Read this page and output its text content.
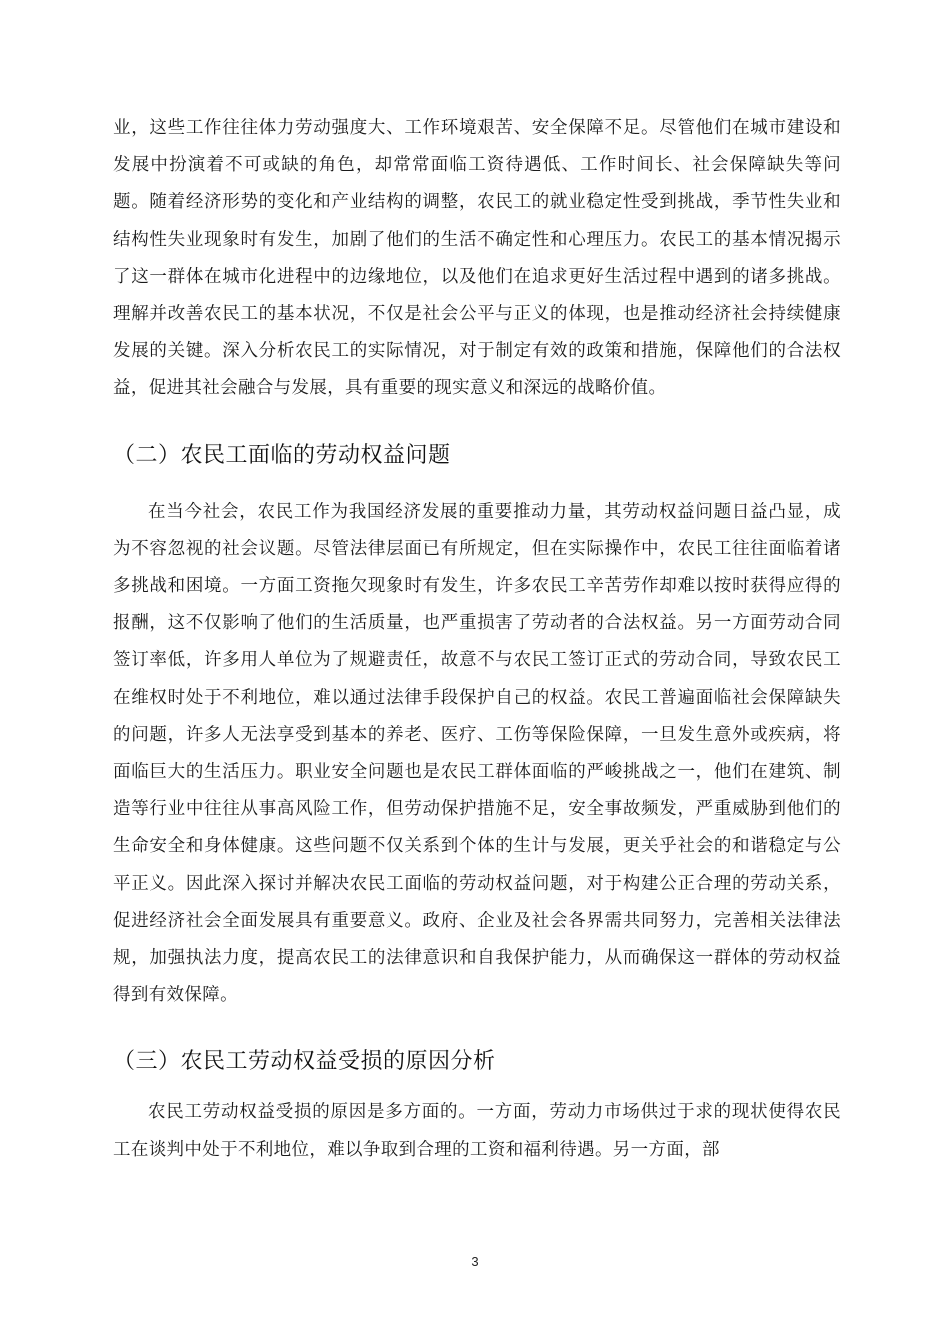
业，这些工作往往体力劳动强度大、工作环境艰苦、安全保障不足。尽管他们在城市建设和发展中扮演着不可或缺的角色，却常常面临工资待遇低、工作时间长、社会保障缺失等问题。随着经济形势的变化和产业结构的调整，农民工的就业稳定性受到挑战，季节性失业和结构性失业现象时有发生，加剧了他们的生活不确定性和心理压力。农民工的基本情况揭示了这一群体在城市化进程中的边缘地位，以及他们在追求更好生活过程中遇到的诸多挑战。理解并改善农民工的基本状况，不仅是社会公平与正义的体现，也是推动经济社会持续健康发展的关键。深入分析农民工的实际情况，对于制定有效的政策和措施，保障他们的合法权益，促进其社会融合与发展，具有重要的现实意义和深远的战略价值。

（二）农民工面临的劳动权益问题

在当今社会，农民工作为我国经济发展的重要推动力量，其劳动权益问题日益凸显，成为不容忽视的社会议题。尽管法律层面已有所规定，但在实际操作中，农民工往往面临着诸多挑战和困境。一方面工资拖欠现象时有发生，许多农民工辛苦劳作却难以按时获得应得的报酬，这不仅影响了他们的生活质量，也严重损害了劳动者的合法权益。另一方面劳动合同签订率低，许多用人单位为了规避责任，故意不与农民工签订正式的劳动合同，导致农民工在维权时处于不利地位，难以通过法律手段保护自己的权益。农民工普遍面临社会保障缺失的问题，许多人无法享受到基本的养老、医疗、工伤等保险保障，一旦发生意外或疾病，将面临巨大的生活压力。职业安全问题也是农民工群体面临的严峻挑战之一，他们在建筑、制造等行业中往往从事高风险工作，但劳动保护措施不足，安全事故频发，严重威胁到他们的生命安全和身体健康。这些问题不仅关系到个体的生计与发展，更关乎社会的和谐稳定与公平正义。因此深入探讨并解决农民工面临的劳动权益问题，对于构建公正合理的劳动关系，促进经济社会全面发展具有重要意义。政府、企业及社会各界需共同努力，完善相关法律法规，加强执法力度，提高农民工的法律意识和自我保护能力，从而确保这一群体的劳动权益得到有效保障。

（三）农民工劳动权益受损的原因分析

农民工劳动权益受损的原因是多方面的。一方面，劳动力市场供过于求的现状使得农民工在谈判中处于不利地位，难以争取到合理的工资和福利待遇。另一方面，部

3
